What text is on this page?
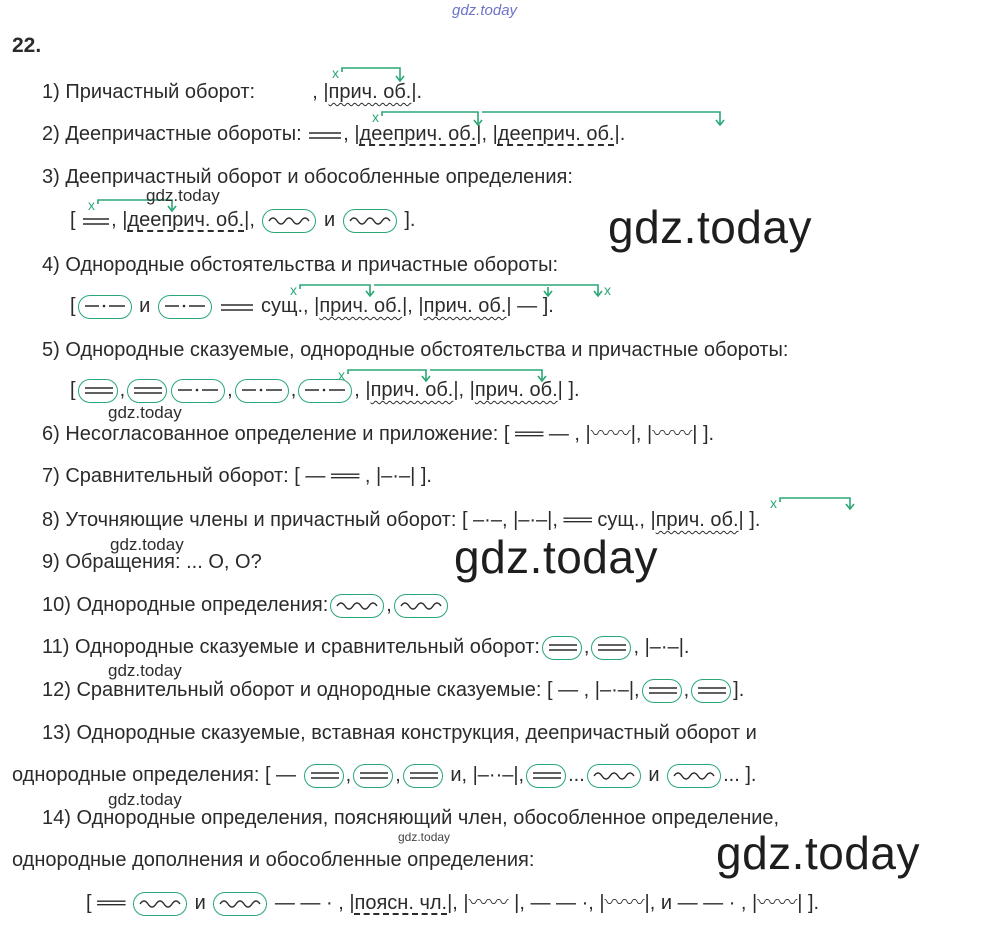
gdz.today
22.
1) Причастный оборот:	, |прич. об.|.
x
2) Деепричастные обороты: , |деeприч. об.|, |деeприч. об.|.
x
3) Деепричастный оборот и обособленные определения:
[ , |деeприч. об.|,	и	].
x	gdz.today
gdz.today
4) Однородные обстоятельства и причастные обороты:
[	и	сущ., |прич. об.|, |прич. об.| — ].
x	x
5) Однородные сказуемые, однородные обстоятельства и причастные обороты:
[ ,	,	,	, |прич. об.|, |прич. об.| ].
x
gdz.today
6) Несогласованное определение и приложение: [ ══ — , |〰〰|, |〰〰| ].
7) Сравнительный оборот: [ — ══ , |–·–| ].
8) Уточняющие члены и причастный оборот: [ –·–, |–·–|, ══ сущ., |прич. об.| ].
x
gdz.today	gdz.today
9) Обращения: ... О, О?
10) Однородные определения:	,
11) Однородные сказуемые и сравнительный оборот: , , |–·–|.
gdz.today
12) Сравнительный оборот и однородные сказуемые: [ — , |–·–|, , ].
13) Однородные сказуемые, вставная конструкция, деепричастный оборот и
однородные определения: [ — , , и, |–··–|, ...	и	... ].
gdz.today
14) Однородные определения, поясняющий член, обособленное определение,
gdz.today
однородные дополнения и обособленные определения:	gdz.today
[ ══	и	— — · , |поясн. чл.|, |〰〰 |, — — ·, |〰〰|, и — — · , |〰〰| ].
